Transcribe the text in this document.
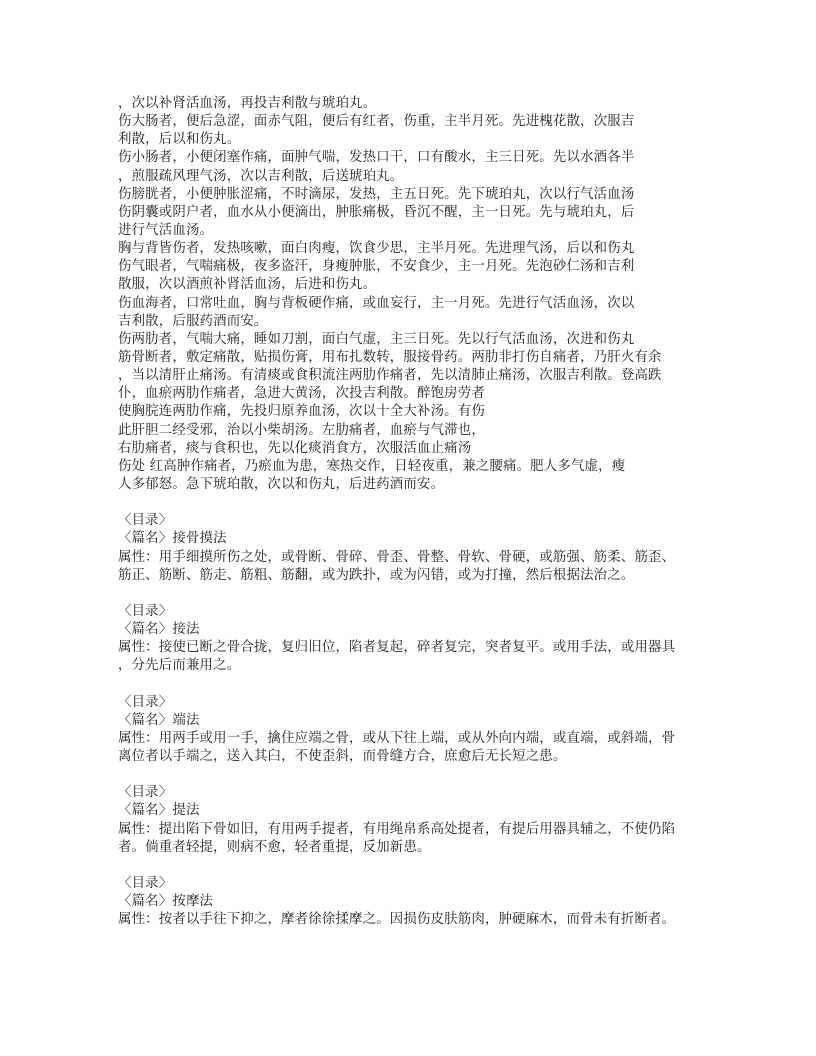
，次以补肾活血汤，再投吉利散与琥珀丸。
伤大肠者，便后急涩，面赤气阻，便后有红者，伤重，主半月死。先进槐花散，次服吉
利散，后以和伤丸。
伤小肠者，小便闭塞作痛，面肿气喘，发热口干，口有酸水，主三日死。先以水酒各半
，煎服疏风理气汤，次以吉利散，后送琥珀丸。
伤膀胱者，小便肿胀涩痛，不时滴尿，发热，主五日死。先下琥珀丸，次以行气活血汤
伤阴囊或阴户者，血水从小便滴出，肿胀痛极，昏沉不醒，主一日死。先与琥珀丸，后
进行气活血汤。
胸与背皆伤者，发热咳嗽，面白肉瘦，饮食少思，主半月死。先进理气汤，后以和伤丸
伤气眼者，气喘痛极，夜多盗汗，身瘦肿胀，不安食少，主一月死。先泡砂仁汤和吉利
散服，次以酒煎补肾活血汤，后进和伤丸。
伤血海者，口常吐血，胸与背板硬作痛，或血妄行，主一月死。先进行气活血汤，次以
吉利散，后服药酒而安。
伤两肋者，气喘大痛，睡如刀割，面白气虚，主三日死。先以行气活血汤，次进和伤丸
筋骨断者，敷定痛散，贴损伤膏，用布扎数转，服接骨药。两肋非打伤自痛者，乃肝火有余
，当以清肝止痛汤。有清痰或食积流注两肋作痛者，先以清肺止痛汤，次服吉利散。登高跌
仆，血瘀两肋作痛者，急进大黄汤，次投吉利散。醉饱房劳者
使胸脘连两肋作痛，先投归原养血汤，次以十全大补汤。有伤
此肝胆二经受邪，治以小柴胡汤。左肋痛者，血瘀与气滞也，
右肋痛者，痰与食积也，先以化痰消食方，次服活血止痛汤
伤处 红高肿作痛者，乃瘀血为患，寒热交作，日轻夜重，兼之腰痛。肥人多气虚，瘦
人多郁怒。急下琥珀散，次以和伤丸，后进药酒而安。
〈目录〉
〈篇名〉接骨摸法
属性：用手细摸所伤之处，或骨断、骨碎、骨歪、骨整、骨软、骨硬，或筋强、筋柔、筋歪、
筋正、筋断、筋走、筋粗、筋翻，或为跌扑，或为闪错，或为打撞，然后根据法治之。
〈目录〉
〈篇名〉接法
属性：接使已断之骨合拢，复归旧位，陷者复起，碎者复完，突者复平。或用手法，或用器具
，分先后而兼用之。
〈目录〉
〈篇名〉端法
属性：用两手或用一手，擒住应端之骨，或从下往上端，或从外向内端，或直端，或斜端，骨
离位者以手端之，送入其臼，不使歪斜，而骨缝方合，庶愈后无长短之患。
〈目录〉
〈篇名〉提法
属性：提出陷下骨如旧，有用两手提者，有用绳帛系高处提者，有提后用器具辅之，不使仍陷
者。倘重者轻提，则病不愈，轻者重提，反加新患。
〈目录〉
〈篇名〉按摩法
属性：按者以手往下抑之，摩者徐徐揉摩之。因损伤皮肤筋肉，肿硬麻木，而骨未有折断者。
